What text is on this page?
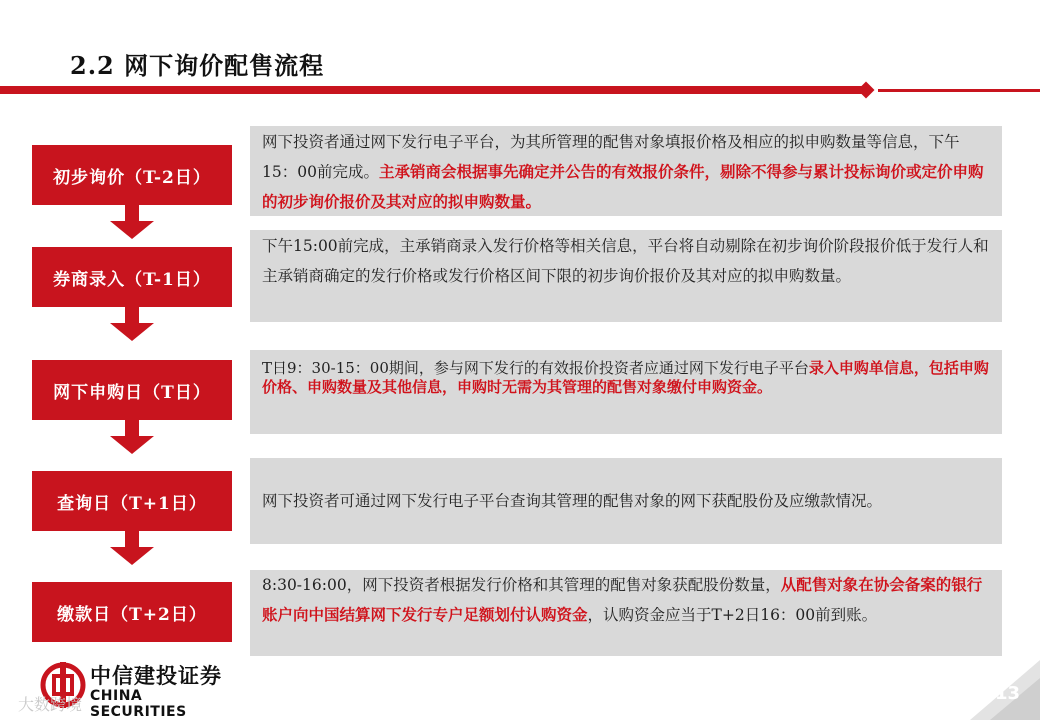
2.2 网下询价配售流程
初步询价（T-2日）
网下投资者通过网下发行电子平台，为其所管理的配售对象填报价格及相应的拟申购数量等信息，下午15：00前完成。主承销商会根据事先确定并公告的有效报价条件，剔除不得参与累计投标询价或定价申购的初步询价报价及其对应的拟申购数量。
券商录入（T-1日）
下午15:00前完成，主承销商录入发行价格等相关信息，平台将自动剔除在初步询价阶段报价低于发行人和主承销商确定的发行价格或发行价格区间下限的初步询价报价及其对应的拟申购数量。
网下申购日（T日）
T日9：30-15：00期间，参与网下发行的有效报价投资者应通过网下发行电子平台录入申购单信息，包括申购价格、申购数量及其他信息，申购时无需为其管理的配售对象缴付申购资金。
查询日（T+1日）	网下投资者可通过网下发行电子平台查询其管理的配售对象的网下获配股份及应缴款情况。
缴款日（T+2日）
8:30-16:00，网下投资者根据发行价格和其管理的配售对象获配股份数量，从配售对象在协会备案的银行账户向中国结算网下发行专户足额划付认购资金，认购资金应当于T+2日16：00前到账。
中信建投证券
CHINA SECURITIES
大数跨境
13
